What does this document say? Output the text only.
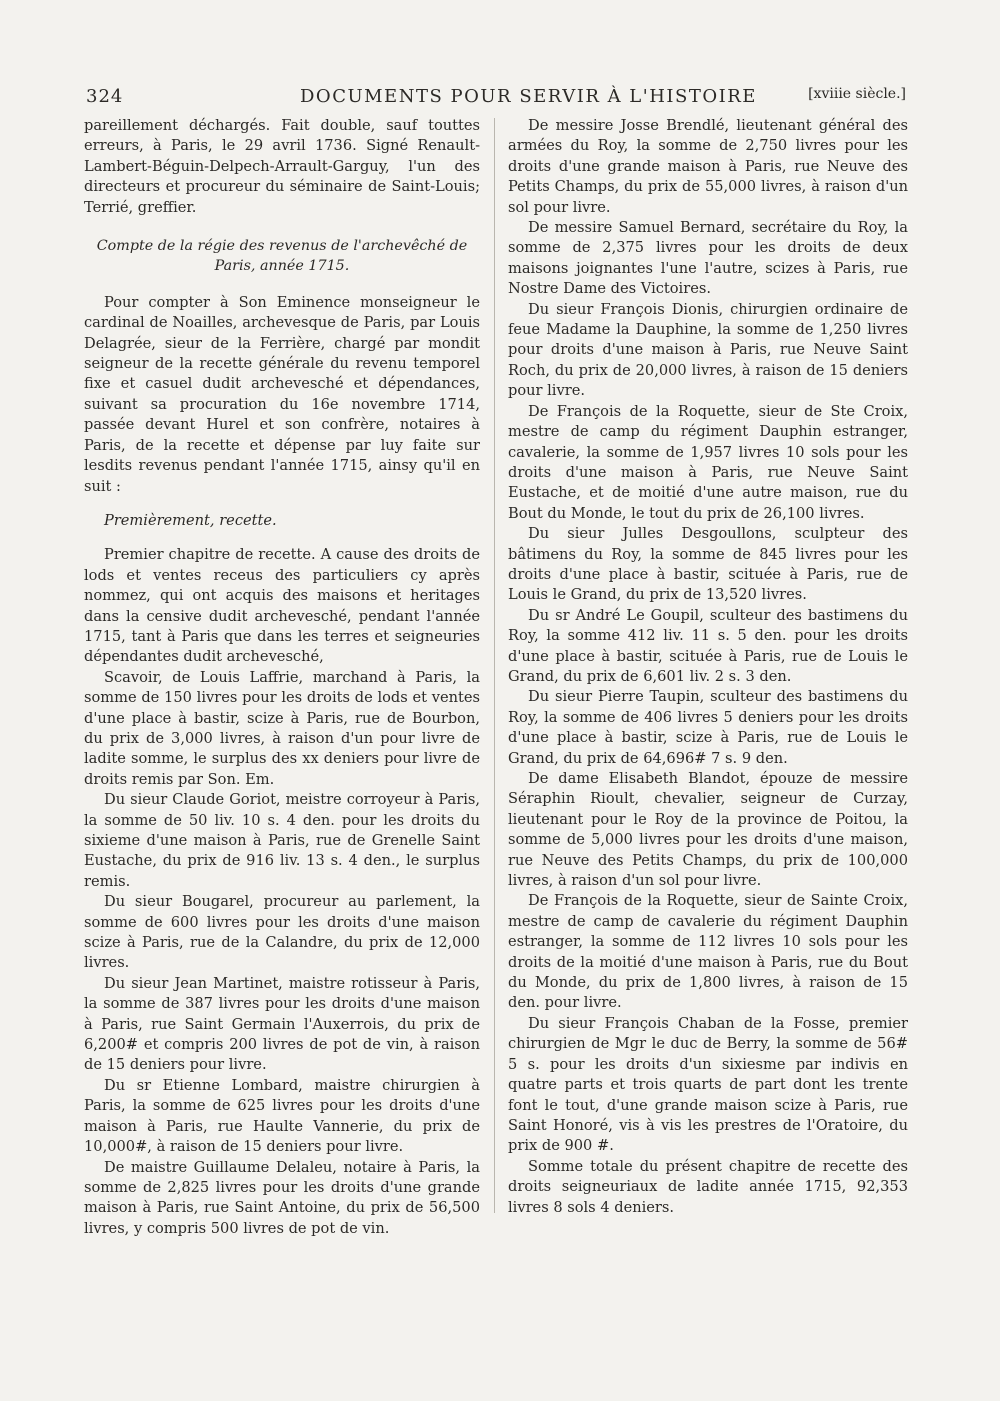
324	DOCUMENTS POUR SERVIR À L'HISTOIRE	[xviiie siècle.]

pareillement déchargés. Fait double, sauf touttes erreurs, à Paris, le 29 avril 1736. Signé Renault-Lambert-Béguin-Delpech-Arrault-Garguy, l'un des directeurs et procureur du séminaire de Saint-Louis; Terrié, greffier.

Compte de la régie des revenus de l'archevêché de Paris, année 1715.

Pour compter à Son Eminence monseigneur le cardinal de Noailles, archevesque de Paris, par Louis Delagrée, sieur de la Ferrière, chargé par mondit seigneur de la recette générale du revenu temporel fixe et casuel dudit archevesché et dépendances, suivant sa procuration du 16e novembre 1714, passée devant Hurel et son confrère, notaires à Paris, de la recette et dépense par luy faite sur lesdits revenus pendant l'année 1715, ainsy qu'il en suit :

Premièrement, recette.

Premier chapitre de recette. A cause des droits de lods et ventes receus des particuliers cy après nommez, qui ont acquis des maisons et heritages dans la censive dudit archevesché, pendant l'année 1715, tant à Paris que dans les terres et seigneuries dépendantes dudit archevesché,

Scavoir, de Louis Laffrie, marchand à Paris, la somme de 150 livres pour les droits de lods et ventes d'une place à bastir, scize à Paris, rue de Bourbon, du prix de 3,000 livres, à raison d'un pour livre de ladite somme, le surplus des xx deniers pour livre de droits remis par Son. Em.

Du sieur Claude Goriot, meistre corroyeur à Paris, la somme de 50 liv. 10 s. 4 den. pour les droits du sixieme d'une maison à Paris, rue de Grenelle Saint Eustache, du prix de 916 liv. 13 s. 4 den., le surplus remis.

Du sieur Bougarel, procureur au parlement, la somme de 600 livres pour les droits d'une maison scize à Paris, rue de la Calandre, du prix de 12,000 livres.

Du sieur Jean Martinet, maistre rotisseur à Paris, la somme de 387 livres pour les droits d'une maison à Paris, rue Saint Germain l'Auxerrois, du prix de 6,200# et compris 200 livres de pot de vin, à raison de 15 deniers pour livre.

Du sr Etienne Lombard, maistre chirurgien à Paris, la somme de 625 livres pour les droits d'une maison à Paris, rue Haulte Vannerie, du prix de 10,000#, à raison de 15 deniers pour livre.

De maistre Guillaume Delaleu, notaire à Paris, la somme de 2,825 livres pour les droits d'une grande maison à Paris, rue Saint Antoine, du prix de 56,500 livres, y compris 500 livres de pot de vin.

De messire Josse Brendlé, lieutenant général des armées du Roy, la somme de 2,750 livres pour les droits d'une grande maison à Paris, rue Neuve des Petits Champs, du prix de 55,000 livres, à raison d'un sol pour livre.

De messire Samuel Bernard, secrétaire du Roy, la somme de 2,375 livres pour les droits de deux maisons joignantes l'une l'autre, scizes à Paris, rue Nostre Dame des Victoires.

Du sieur François Dionis, chirurgien ordinaire de feue Madame la Dauphine, la somme de 1,250 livres pour droits d'une maison à Paris, rue Neuve Saint Roch, du prix de 20,000 livres, à raison de 15 deniers pour livre.

De François de la Roquette, sieur de Ste Croix, mestre de camp du régiment Dauphin estranger, cavalerie, la somme de 1,957 livres 10 sols pour les droits d'une maison à Paris, rue Neuve Saint Eustache, et de moitié d'une autre maison, rue du Bout du Monde, le tout du prix de 26,100 livres.

Du sieur Julles Desgoullons, sculpteur des bâtimens du Roy, la somme de 845 livres pour les droits d'une place à bastir, scituée à Paris, rue de Louis le Grand, du prix de 13,520 livres.

Du sr André Le Goupil, sculteur des bastimens du Roy, la somme 412 liv. 11 s. 5 den. pour les droits d'une place à bastir, scituée à Paris, rue de Louis le Grand, du prix de 6,601 liv. 2 s. 3 den.

Du sieur Pierre Taupin, sculteur des bastimens du Roy, la somme de 406 livres 5 deniers pour les droits d'une place à bastir, scize à Paris, rue de Louis le Grand, du prix de 64,696# 7 s. 9 den.

De dame Elisabeth Blandot, épouze de messire Séraphin Rioult, chevalier, seigneur de Curzay, lieutenant pour le Roy de la province de Poitou, la somme de 5,000 livres pour les droits d'une maison, rue Neuve des Petits Champs, du prix de 100,000 livres, à raison d'un sol pour livre.

De François de la Roquette, sieur de Sainte Croix, mestre de camp de cavalerie du régiment Dauphin estranger, la somme de 112 livres 10 sols pour les droits de la moitié d'une maison à Paris, rue du Bout du Monde, du prix de 1,800 livres, à raison de 15 den. pour livre.

Du sieur François Chaban de la Fosse, premier chirurgien de Mgr le duc de Berry, la somme de 56# 5 s. pour les droits d'un sixiesme par indivis en quatre parts et trois quarts de part dont les trente font le tout, d'une grande maison scize à Paris, rue Saint Honoré, vis à vis les prestres de l'Oratoire, du prix de 900 #.

Somme totale du présent chapitre de recette des droits seigneuriaux de ladite année 1715, 92,353 livres 8 sols 4 deniers.
